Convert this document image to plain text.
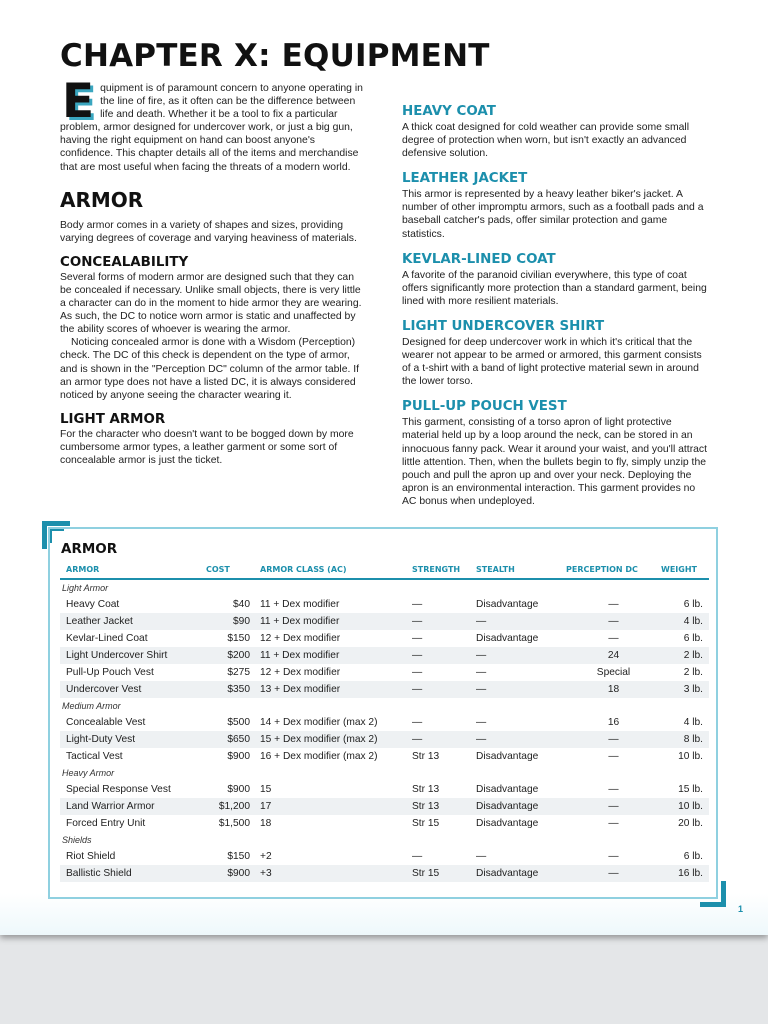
CHAPTER X: EQUIPMENT
E quipment is of paramount concern to anyone operating in the line of fire, as it often can be the difference between life and death. Whether it be a tool to fix a particular problem, armor designed for undercover work, or just a big gun, having the right equipment on hand can boost anyone's confidence. This chapter details all of the items and merchandise that are most useful when facing the threats of a modern world.

ARMOR

Body armor comes in a variety of shapes and sizes, providing varying degrees of coverage and varying heaviness of materials.

CONCEALABILITY

Several forms of modern armor are designed such that they can be concealed if necessary. Unlike small objects, there is very little a character can do in the moment to hide armor they are wearing. As such, the DC to notice worn armor is static and unaffected by the ability scores of whoever is wearing the armor.

Noticing concealed armor is done with a Wisdom (Perception) check. The DC of this check is dependent on the type of armor, and is shown in the "Perception DC" column of the armor table. If an armor type does not have a listed DC, it is always considered noticed by anyone seeing the character wearing it.

LIGHT ARMOR

For the character who doesn't want to be bogged down by more cumbersome armor types, a leather garment or some sort of concealable armor is just the ticket.

HEAVY COAT

A thick coat designed for cold weather can provide some small degree of protection when worn, but isn't exactly an advanced defensive solution.

LEATHER JACKET

This armor is represented by a heavy leather biker's jacket. A number of other impromptu armors, such as a football pads and a baseball catcher's pads, offer similar protection and game statistics.

KEVLAR-LINED COAT

A favorite of the paranoid civilian everywhere, this type of coat offers significantly more protection than a standard garment, being lined with more resilient materials.

LIGHT UNDERCOVER SHIRT

Designed for deep undercover work in which it's critical that the wearer not appear to be armed or armored, this garment consists of a t-shirt with a band of light protective material sewn in around the lower torso.

PULL-UP POUCH VEST

This garment, consisting of a torso apron of light protective material held up by a loop around the neck, can be stored in an innocuous fanny pack. Wear it around your waist, and you'll attract little attention. Then, when the bullets begin to fly, simply unzip the pouch and pull the apron up and over your neck. Deploying the apron is an environmental interaction. This garment provides no AC bonus when undeployed.

ARMOR
ARMOR	COST	ARMOR CLASS (AC)	STRENGTH	STEALTH	PERCEPTION DC	WEIGHT
Light Armor						
Heavy Coat	$40	11 + Dex modifier	—	Disadvantage	—	6 lb.
Leather Jacket	$90	11 + Dex modifier	—	—	—	4 lb.
Kevlar-Lined Coat	$150	12 + Dex modifier	—	Disadvantage	—	6 lb.
Light Undercover Shirt	$200	11 + Dex modifier	—	—	24	2 lb.
Pull-Up Pouch Vest	$275	12 + Dex modifier	—	—	Special	2 lb.
Undercover Vest	$350	13 + Dex modifier	—	—	18	3 lb.
Medium Armor						
Concealable Vest	$500	14 + Dex modifier (max 2)	—	—	16	4 lb.
Light-Duty Vest	$650	15 + Dex modifier (max 2)	—	—	—	8 lb.
Tactical Vest	$900	16 + Dex modifier (max 2)	Str 13	Disadvantage	—	10 lb.
Heavy Armor						
Special Response Vest	$900	15	Str 13	Disadvantage	—	15 lb.
Land Warrior Armor	$1,200	17	Str 13	Disadvantage	—	10 lb.
Forced Entry Unit	$1,500	18	Str 15	Disadvantage	—	20 lb.
Shields						
Riot Shield	$150	+2	—	—	—	6 lb.
Ballistic Shield	$900	+3	Str 15	Disadvantage	—	16 lb.
1
